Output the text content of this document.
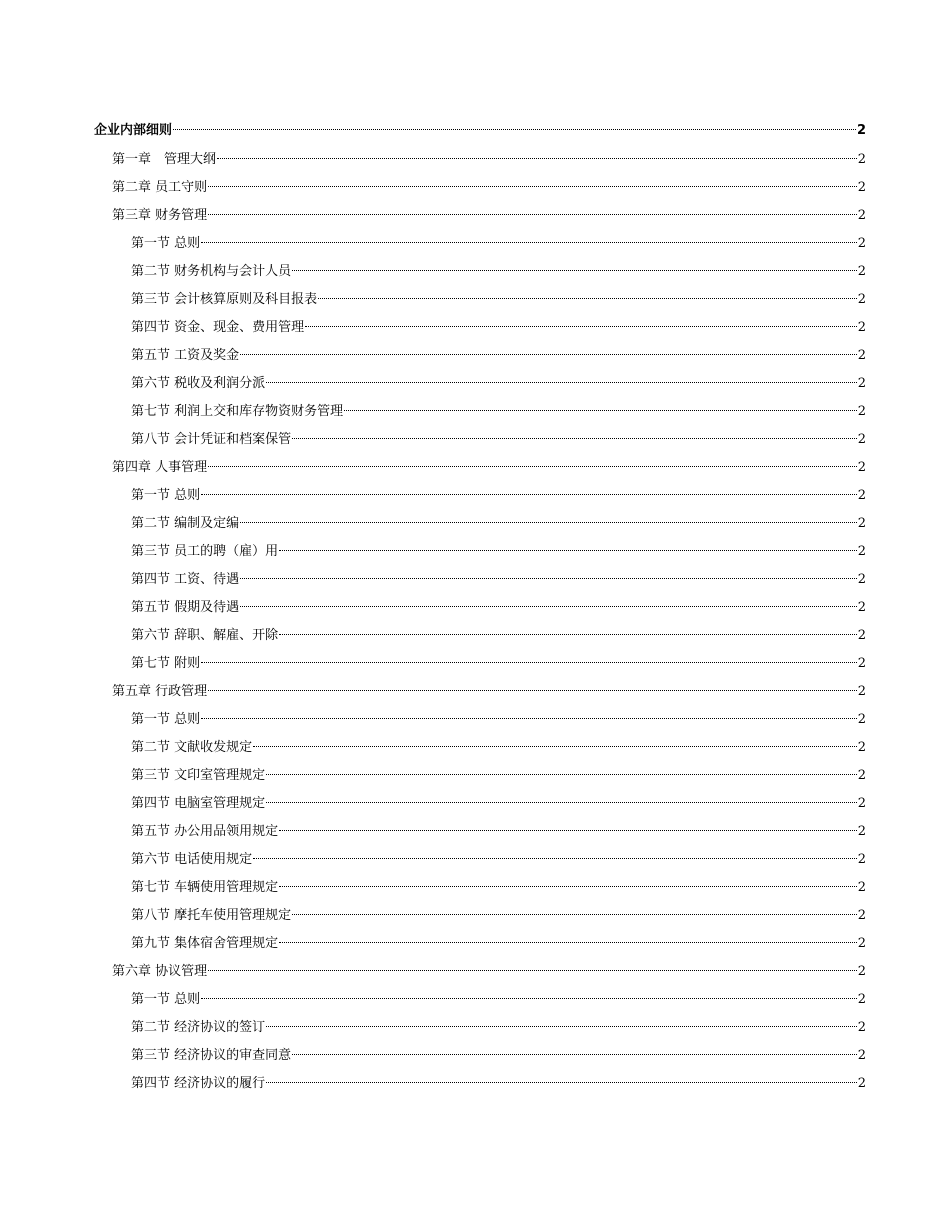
企业内部细则	2
第一章　管理大纲	2
第二章 员工守则	2
第三章 财务管理	2
第一节 总则	2
第二节 财务机构与会计人员	2
第三节 会计核算原则及科目报表	2
第四节 资金、现金、费用管理	2
第五节 工资及奖金	2
第六节 税收及利润分派	2
第七节 利润上交和库存物资财务管理	2
第八节 会计凭证和档案保管	2
第四章 人事管理	2
第一节 总则	2
第二节 编制及定编	2
第三节 员工的聘（雇）用	2
第四节 工资、待遇	2
第五节 假期及待遇	2
第六节 辞职、解雇、开除	2
第七节 附则	2
第五章 行政管理	2
第一节 总则	2
第二节 文献收发规定	2
第三节 文印室管理规定	2
第四节 电脑室管理规定	2
第五节 办公用品领用规定	2
第六节 电话使用规定	2
第七节 车辆使用管理规定	2
第八节 摩托车使用管理规定	2
第九节 集体宿舍管理规定	2
第六章 协议管理	2
第一节 总则	2
第二节 经济协议的签订	2
第三节 经济协议的审查同意	2
第四节 经济协议的履行	2
